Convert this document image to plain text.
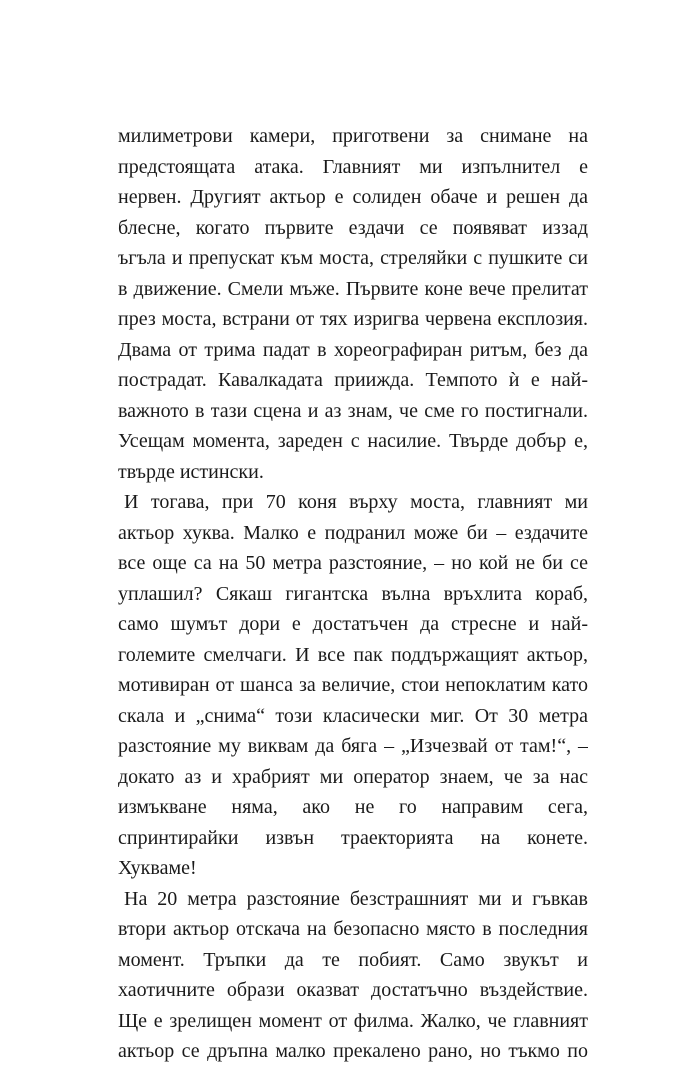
милиметрови камери, приготвени за снимане на
предстоящата атака. Главният ми изпълнител е
нервен. Другият актьор е солиден обаче и решен да
блесне, когато първите ездачи се появяват иззад
ъгъла и препускат към моста, стреляйки с пушките си
в движение. Смели мъже. Първите коне вече прелитат
през моста, встрани от тях изригва червена експлозия.
Двама от трима падат в хореографиран ритъм, без да
пострадат. Кавалкадата прииждa. Темпото ѝ е най-
важното в тази сцена и аз знам, че сме го постигнали.
Усещам момента, зареден с насилие. Твърде добър е,
твърде истински.
И тогава, при 70 коня върху моста, главният ми
актьор хуква. Малко е подранил може би – ездачите
все още са на 50 метра разстояние, – но кой не би се
уплашил? Сякаш гигантска вълна връхлита кораб,
само шумът дори е достатъчен да стресне и най-
големите смелчаги. И все пак поддържащият актьор,
мотивиран от шанса за величие, стои непоклатим като
скала и „снима“ този класически миг. От 30 метра
разстояние му виквам да бяга – „Изчезвай от там!“, –
докато аз и храбрият ми оператор знаем, че за нас
измъкване няма, ако не го направим сега,
спринтирайки извън траекторията на конете.
Хукваме!
На 20 метра разстояние безстрашният ми и гъвкав
втори актьор отскача на безопасно място в последния
момент. Тръпки да те побият. Само звукът и
хаотичните образи оказват достатъчно въздействие.
Ще е зрелищен момент от филма. Жалко, че главният
актьор се дръпна малко прекалено рано, но тъкмо по
